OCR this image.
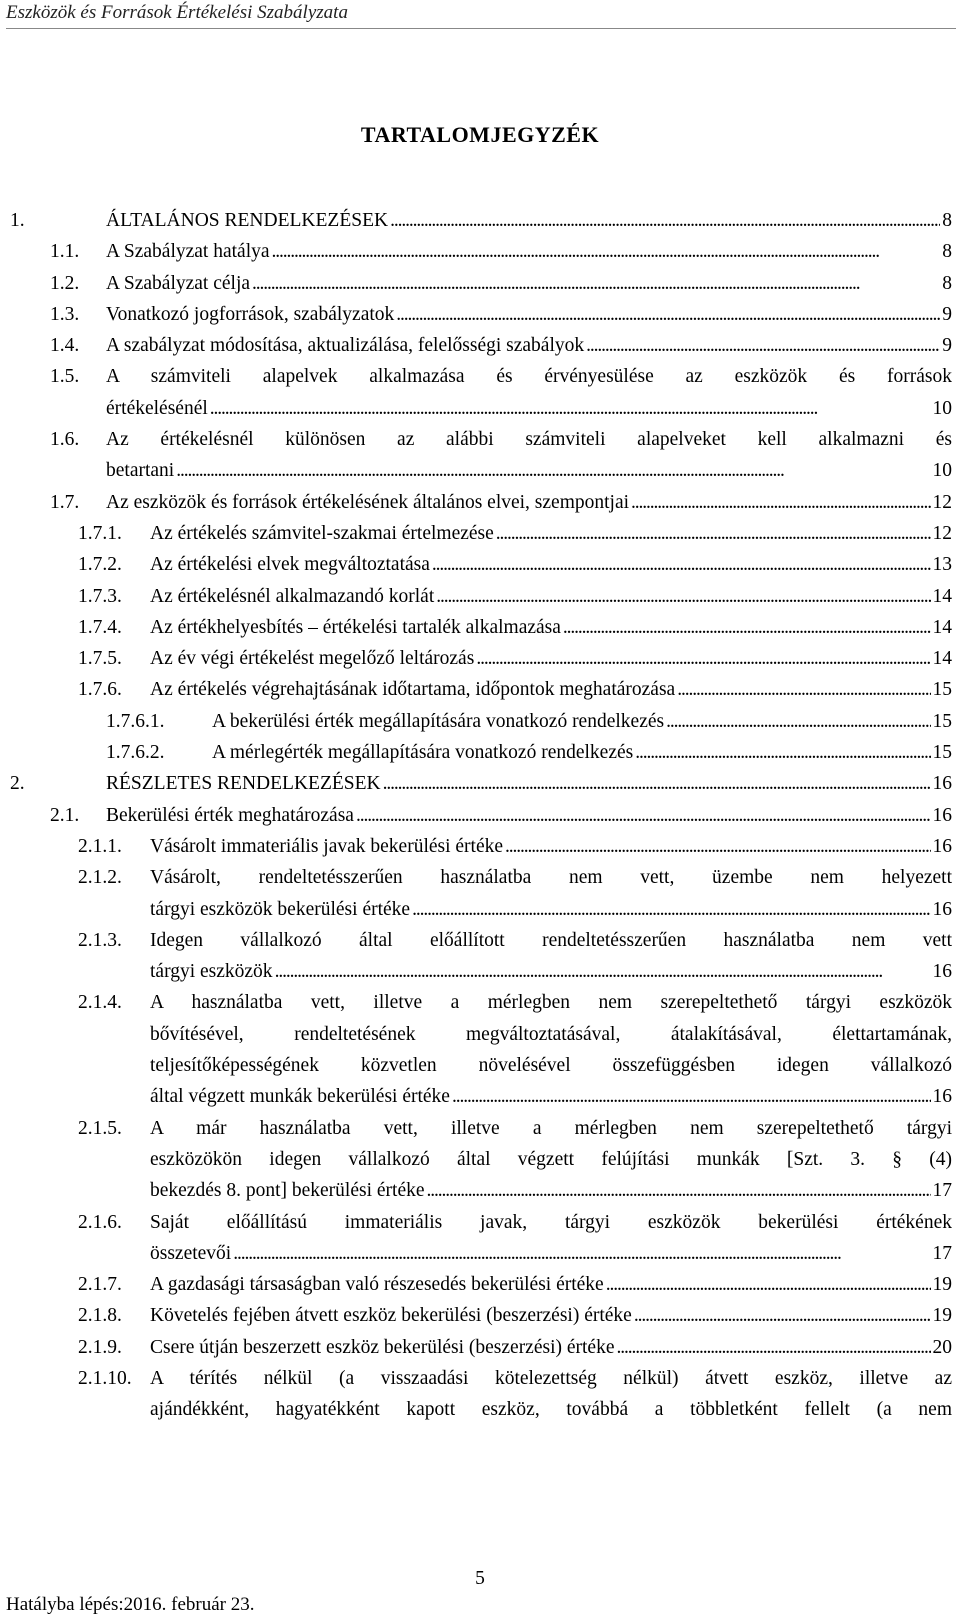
Eszközök és Források Értékelési Szabályzata
TARTALOMJEGYZÉK
1.	ÁLTALÁNOS RENDELKEZÉSEK . . .	8
1.1. A Szabályzat hatálya . . .	8
1.2. A Szabályzat célja . . .	8
1.3. Vonatkozó jogforrások, szabályzatok . . .	9
1.4. A szabályzat módosítása, aktualizálása, felelősségi szabályok . . .	9
1.5. A számviteli alapelvek alkalmazása és érvényesülése az eszközök és források
értékelésénél . . .	10
1.6. Az értékelésnél különösen az alábbi számviteli alapelveket kell alkalmazni és
betartani . . .	10
1.7. Az eszközök és források értékelésének általános elvei, szempontjai . . .	12
1.7.1. Az értékelés számvitel-szakmai értelmezése . . .	12
1.7.2. Az értékelési elvek megváltoztatása . . .	13
1.7.3. Az értékelésnél alkalmazandó korlát . . .	14
1.7.4. Az értékhelyesbítés – értékelési tartalék alkalmazása . . .	14
1.7.5. Az év végi értékelést megelőző leltározás . . .	14
1.7.6. Az értékelés végrehajtásának időtartama, időpontok meghatározása . . .	15
1.7.6.1. A bekerülési érték megállapítására vonatkozó rendelkezés . . .	15
1.7.6.2. A mérlegérték megállapítására vonatkozó rendelkezés . . .	15
2.	RÉSZLETES RENDELKEZÉSEK . . .	16
2.1. Bekerülési érték meghatározása . . .	16
2.1.1. Vásárolt immateriális javak bekerülési értéke . . .	16
2.1.2. Vásárolt, rendeltetésszerűen használatba nem vett, üzembe nem helyezett
tárgyi eszközök bekerülési értéke . . .	16
2.1.3. Idegen vállalkozó által előállított rendeltetésszerűen használatba nem vett
tárgyi eszközök . . .	16
2.1.4. A használatba vett, illetve a mérlegben nem szerepeltethető tárgyi eszközök
bővítésével, rendeltetésének megváltoztatásával, átalakításával, élettartamának,
teljesítőképességének közvetlen növelésével összefüggésben idegen vállalkozó
által végzett munkák bekerülési értéke . . .	16
2.1.5. A már használatba vett, illetve a mérlegben nem szerepeltethető tárgyi
eszközökön idegen vállalkozó által végzett felújítási munkák [Szt. 3. § (4)
bekezdés 8. pont] bekerülési értéke . . .	17
2.1.6. Saját előállítású immateriális javak, tárgyi eszközök bekerülési értékének
összetevői . . .	17
2.1.7. A gazdasági társaságban való részesedés bekerülési értéke . . .	19
2.1.8. Követelés fejében átvett eszköz bekerülési (beszerzési) értéke . . .	19
2.1.9. Csere útján beszerzett eszköz bekerülési (beszerzési) értéke . . .	20
2.1.10. A térítés nélkül (a visszaadási kötelezettség nélkül) átvett eszköz, illetve az
ajándékként, hagyatékként kapott eszköz, továbbá a többletként fellelt (a nem
5
Hatályba lépés:2016. február 23.
